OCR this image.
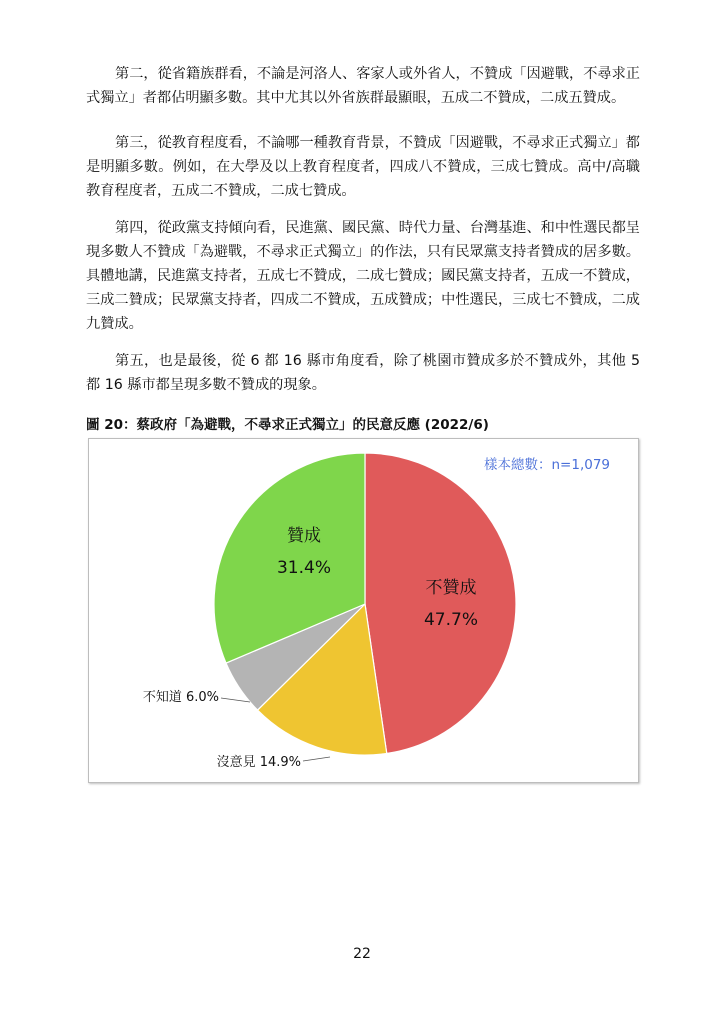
第二，從省籍族群看，不論是河洛人、客家人或外省人，不贊成「因避戰，不尋求正式獨立」者都佔明顯多數。其中尤其以外省族群最顯眼，五成二不贊成，二成五贊成。

第三，從教育程度看，不論哪一種教育背景，不贊成「因避戰，不尋求正式獨立」都是明顯多數。例如，在大學及以上教育程度者，四成八不贊成，三成七贊成。高中/高職教育程度者，五成二不贊成，二成七贊成。

第四，從政黨支持傾向看，民進黨、國民黨、時代力量、台灣基進、和中性選民都呈現多數人不贊成「為避戰，不尋求正式獨立」的作法，只有民眾黨支持者贊成的居多數。具體地講，民進黨支持者，五成七不贊成，二成七贊成；國民黨支持者，五成一不贊成，三成二贊成；民眾黨支持者，四成二不贊成，五成贊成；中性選民，三成七不贊成，二成九贊成。

第五，也是最後，從 6 都 16 縣市角度看，除了桃園市贊成多於不贊成外，其他 5 都 16 縣市都呈現多數不贊成的現象。

圖 20：蔡政府「為避戰，不尋求正式獨立」的民意反應 (2022/6)

不贊成
47.7%
沒意見 14.9%
不知道 6.0%
贊成
31.4%
樣本總數：n=1,079

22
